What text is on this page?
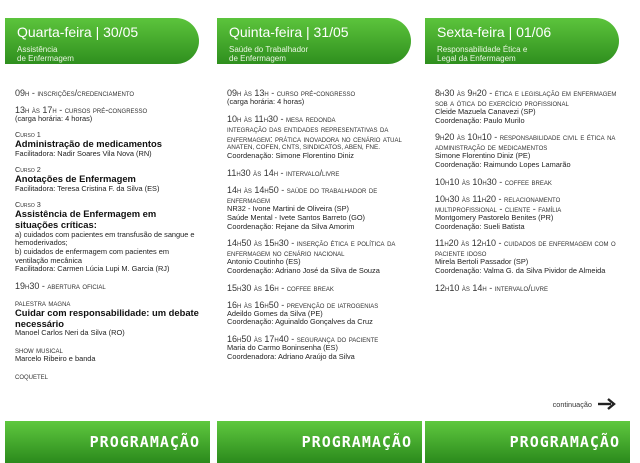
Quarta-feira | 30/05
Assistência
de Enfermagem
09h - inscrições/credenciamento
13h às 17h - cursos pré-congresso
(carga horária: 4 horas)
Curso 1
Administração de medicamentos
Facilitadora: Nadir Soares Vila Nova (RN)
Curso 2
Anotações de Enfermagem
Facilitadora: Teresa Cristina F. da Silva (ES)
Curso 3
Assistência de Enfermagem em situações críticas:
a) cuidados com pacientes em transfusão de sangue e hemoderivados;
b) cuidados de enfermagem com pacientes em ventilação mecânica
Facilitadora: Carmen Lúcia Lupi M. Garcia (RJ)
19h30 - abertura oficial
palestra magna
Cuidar com responsabilidade: um debate necessário
Manoel Carlos Neri da Silva (RO)
show musical
Marcelo Ribeiro e banda
coquetel
PROGRAMAÇÃO
Quinta-feira | 31/05
Saúde do Trabalhador
de Enfermagem
09h às 13h - curso pré-congresso
(carga horária: 4 horas)
10h às 11h30 - mesa redonda
integração das entidades representativas da enfermagem: prática inovadora no cenário atual
ANATEN, COFEN, CNTS, SINDICATOS, ABEN, FNE.
Coordenação: Simone Florentino Diniz
11h30 às 14h - intervalo/livre
14h às 14h50 - saúde do trabalhador de enfermagem
NR32 - Ivone Martini de Oliveira (SP)
Saúde Mental - Ivete Santos Barreto (GO)
Coordenação: Rejane da Silva Amorim
14h50 às 15h30 - inserção ética e política da enfermagem no cenário nacional
Antonio Coutinho (ES)
Coordenação: Adriano José da Silva de Souza
15h30 às 16h - coffee break
16h às 16h50 - prevenção de iatrogenias
Adeildo Gomes da Silva (PE)
Coordenação: Aguinaldo Gonçalves da Cruz
16h50 às 17h40 - segurança do paciente
Maria do Carmo Boninsenha (ES)
Coordenadora: Adriano Araújo da Silva
PROGRAMAÇÃO
Sexta-feira | 01/06
Responsabilidade Ética e
Legal da Enfermagem
8h30 às 9h20 - ética e legislação em enfermagem sob a ótica do exercício profissional
Cleide Mazuela Canavezi (SP)
Coordenação: Paulo Murilo
9h20 às 10h10 - responsabilidade civil e ética na administração de medicamentos
Simone Florentino Diniz (PE)
Coordenação: Raimundo Lopes Lamarão
10h10 às 10h30 - coffee break
10h30 às 11h20 - relacionamento multiprofissional - cliente - família
Montgomery Pastorelo Benites (PR)
Coordenação: Sueli Batista
11h20 às 12h10 - cuidados de enfermagem com o paciente idoso
Mirela Bertoli Passador (SP)
Coordenação: Valma G. da Silva Pividor de Almeida
12h10 às 14h - intervalo/livre
continuação
PROGRAMAÇÃO
